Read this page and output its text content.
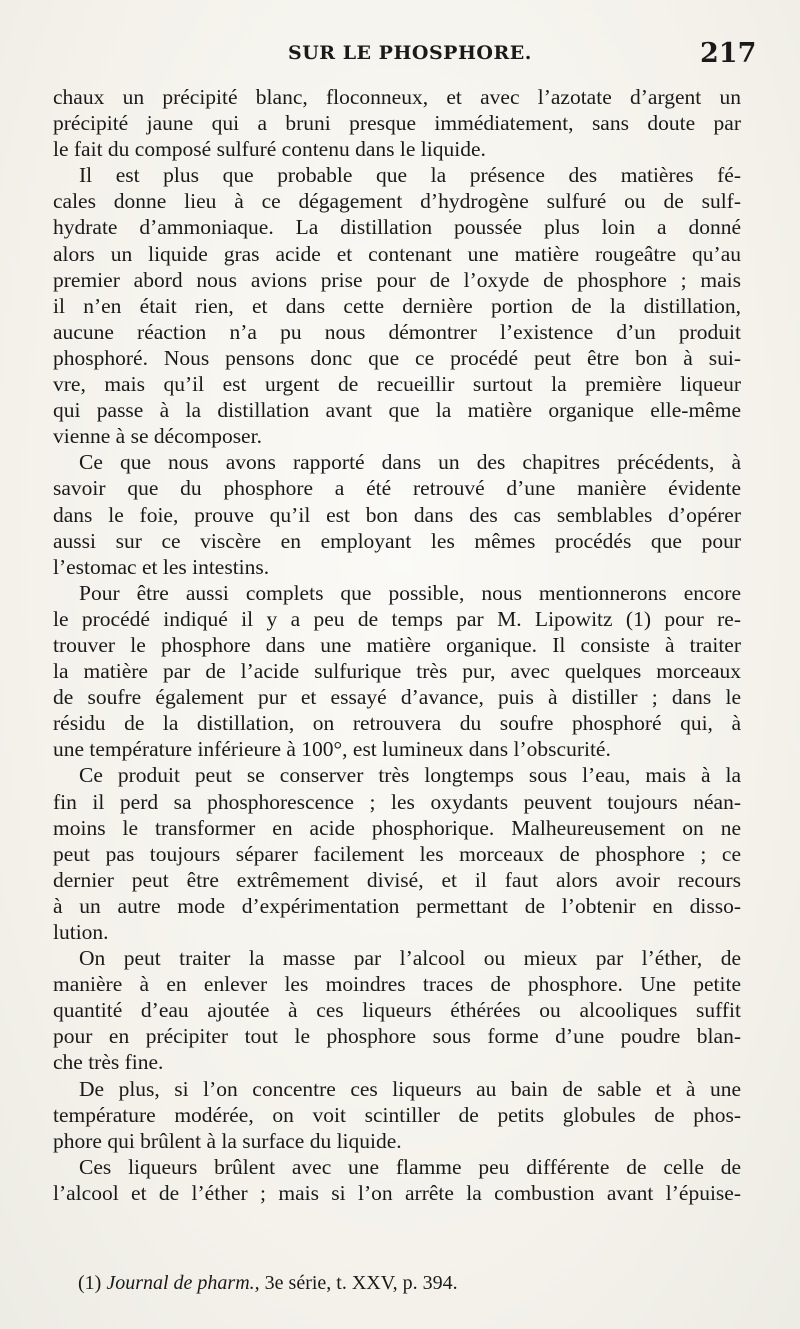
SUR LE PHOSPHORE.	217
chaux un précipité blanc, floconneux, et avec l’azotate d’argent un
précipité jaune qui a bruni presque immédiatement, sans doute par
le fait du composé sulfuré contenu dans le liquide.
Il est plus que probable que la présence des matières fé-
cales donne lieu à ce dégagement d’hydrogène sulfuré ou de sulf-
hydrate d’ammoniaque. La distillation poussée plus loin a donné
alors un liquide gras acide et contenant une matière rougeâtre qu’au
premier abord nous avions prise pour de l’oxyde de phosphore ; mais
il n’en était rien, et dans cette dernière portion de la distillation,
aucune réaction n’a pu nous démontrer l’existence d’un produit
phosphoré. Nous pensons donc que ce procédé peut être bon à sui-
vre, mais qu’il est urgent de recueillir surtout la première liqueur
qui passe à la distillation avant que la matière organique elle-même
vienne à se décomposer.
Ce que nous avons rapporté dans un des chapitres précédents, à
savoir que du phosphore a été retrouvé d’une manière évidente
dans le foie, prouve qu’il est bon dans des cas semblables d’opérer
aussi sur ce viscère en employant les mêmes procédés que pour
l’estomac et les intestins.
Pour être aussi complets que possible, nous mentionnerons encore
le procédé indiqué il y a peu de temps par M. Lipowitz (1) pour re-
trouver le phosphore dans une matière organique. Il consiste à traiter
la matière par de l’acide sulfurique très pur, avec quelques morceaux
de soufre également pur et essayé d’avance, puis à distiller ; dans le
résidu de la distillation, on retrouvera du soufre phosphoré qui, à
une température inférieure à 100°, est lumineux dans l’obscurité.
Ce produit peut se conserver très longtemps sous l’eau, mais à la
fin il perd sa phosphorescence ; les oxydants peuvent toujours néan-
moins le transformer en acide phosphorique. Malheureusement on ne
peut pas toujours séparer facilement les morceaux de phosphore ; ce
dernier peut être extrêmement divisé, et il faut alors avoir recours
à un autre mode d’expérimentation permettant de l’obtenir en disso-
lution.
On peut traiter la masse par l’alcool ou mieux par l’éther, de
manière à en enlever les moindres traces de phosphore. Une petite
quantité d’eau ajoutée à ces liqueurs éthérées ou alcooliques suffit
pour en précipiter tout le phosphore sous forme d’une poudre blan-
che très fine.
De plus, si l’on concentre ces liqueurs au bain de sable et à une
température modérée, on voit scintiller de petits globules de phos-
phore qui brûlent à la surface du liquide.
Ces liqueurs brûlent avec une flamme peu différente de celle de
l’alcool et de l’éther ; mais si l’on arrête la combustion avant l’épuise-
(1) Journal de pharm., 3e série, t. XXV, p. 394.
